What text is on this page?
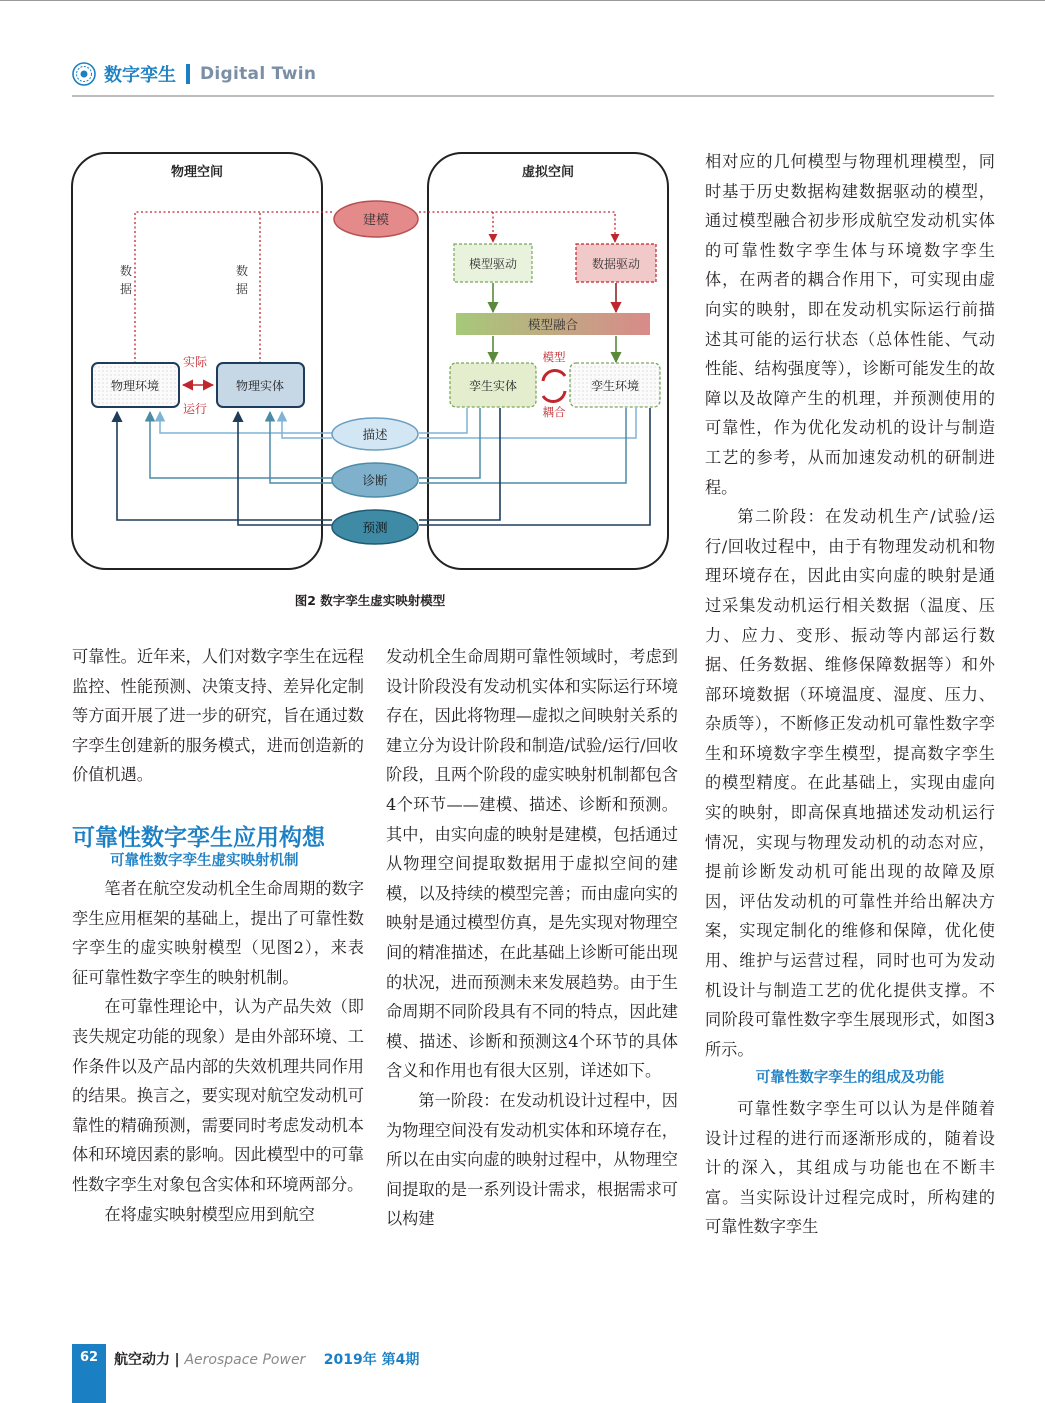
数字孪生 Digital Twin
物理空间	虚拟空间
数
据
数
据
建模
模型驱动	数据驱动
模型融合
物理环境	物理实体
实际
运行
孪生实体	孪生环境
模型
耦合
描述
诊断
预测
图2 数字孪生虚实映射模型

可靠性。近年来，人们对数字孪生在远程监控、性能预测、决策支持、差异化定制等方面开展了进一步的研究，旨在通过数字孪生创建新的服务模式，进而创造新的价值机遇。

可靠性数字孪生应用构想
可靠性数字孪生虚实映射机制

笔者在航空发动机全生命周期的数字孪生应用框架的基础上，提出了可靠性数字孪生的虚实映射模型（见图2），来表征可靠性数字孪生的映射机制。

在可靠性理论中，认为产品失效（即丧失规定功能的现象）是由外部环境、工作条件以及产品内部的失效机理共同作用的结果。换言之，要实现对航空发动机可靠性的精确预测，需要同时考虑发动机本体和环境因素的影响。因此模型中的可靠性数字孪生对象包含实体和环境两部分。

在将虚实映射模型应用到航空

发动机全生命周期可靠性领域时，考虑到设计阶段没有发动机实体和实际运行环境存在，因此将物理—虚拟之间映射关系的建立分为设计阶段和制造/试验/运行/回收阶段，且两个阶段的虚实映射机制都包含4个环节——建模、描述、诊断和预测。其中，由实向虚的映射是建模，包括通过从物理空间提取数据用于虚拟空间的建模，以及持续的模型完善；而由虚向实的映射是通过模型仿真，是先实现对物理空间的精准描述，在此基础上诊断可能出现的状况，进而预测未来发展趋势。由于生命周期不同阶段具有不同的特点，因此建模、描述、诊断和预测这4个环节的具体含义和作用也有很大区别，详述如下。

第一阶段：在发动机设计过程中，因为物理空间没有发动机实体和环境存在，所以在由实向虚的映射过程中，从物理空间提取的是一系列设计需求，根据需求可以构建

相对应的几何模型与物理机理模型，同时基于历史数据构建数据驱动的模型，通过模型融合初步形成航空发动机实体的可靠性数字孪生体与环境数字孪生体，在两者的耦合作用下，可实现由虚向实的映射，即在发动机实际运行前描述其可能的运行状态（总体性能、气动性能、结构强度等），诊断可能发生的故障以及故障产生的机理，并预测使用的可靠性，作为优化发动机的设计与制造工艺的参考，从而加速发动机的研制进程。

第二阶段：在发动机生产/试验/运行/回收过程中，由于有物理发动机和物理环境存在，因此由实向虚的映射是通过采集发动机运行相关数据（温度、压力、应力、变形、振动等内部运行数据、任务数据、维修保障数据等）和外部环境数据（环境温度、湿度、压力、杂质等），不断修正发动机可靠性数字孪生和环境数字孪生模型，提高数字孪生的模型精度。在此基础上，实现由虚向实的映射，即高保真地描述发动机运行情况，实现与物理发动机的动态对应，提前诊断发动机可能出现的故障及原因，评估发动机的可靠性并给出解决方案，实现定制化的维修和保障，优化使用、维护与运营过程，同时也可为发动机设计与制造工艺的优化提供支撑。不同阶段可靠性数字孪生展现形式，如图3所示。

可靠性数字孪生的组成及功能

可靠性数字孪生可以认为是伴随着设计过程的进行而逐渐形成的，随着设计的深入，其组成与功能也在不断丰富。当实际设计过程完成时，所构建的可靠性数字孪生

62	航空动力 | Aerospace Power 2019年 第4期
